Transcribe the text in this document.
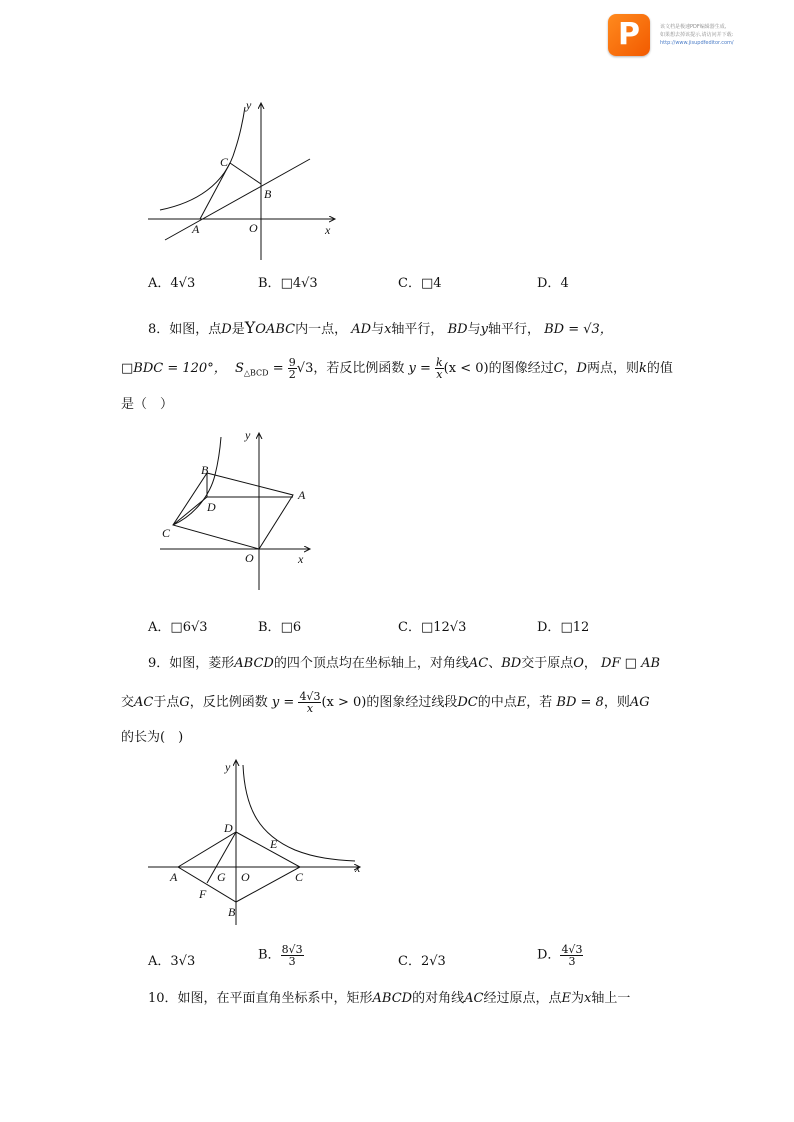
P	该文档是极速PDF编辑器生成,
如果想去掉该提示,请访问并下载:
http://www.jisupdfeditor.com/
y
x
C
B
A	O
A．4√3	B．□4√3	C．□4	D．4
8．如图，点D是YOABC内一点， AD与x轴平行， BD与y轴平行， BD = √3，
□BDC = 120°， $S_{\triangle BCD} = \frac{9}{2} √3$，若反比例函数 $y = \frac{k}{x} (x < 0)$的图像经过C，D两点，则k的值
是（　）
y
x
B
D
A
C
O
A．□6√3	B．□6	C．□12√3	D．□12
9．如图，菱形ABCD的四个顶点均在坐标轴上，对角线AC、BD交于原点O， DF □ AB
交AC于点G，反比例函数 $y = \frac{4√3}{x} (x > 0)$的图象经过线段DC的中点E，若 BD = 8，则AG
的长为(　)
y
x
D
E
A	G O	C
F
B
A．3√3	B． $\frac{8√3}{3}$	C．2√3	D． $\frac{4√3}{3}$
10．如图，在平面直角坐标系中，矩形ABCD的对角线AC经过原点，点E为x轴上一
